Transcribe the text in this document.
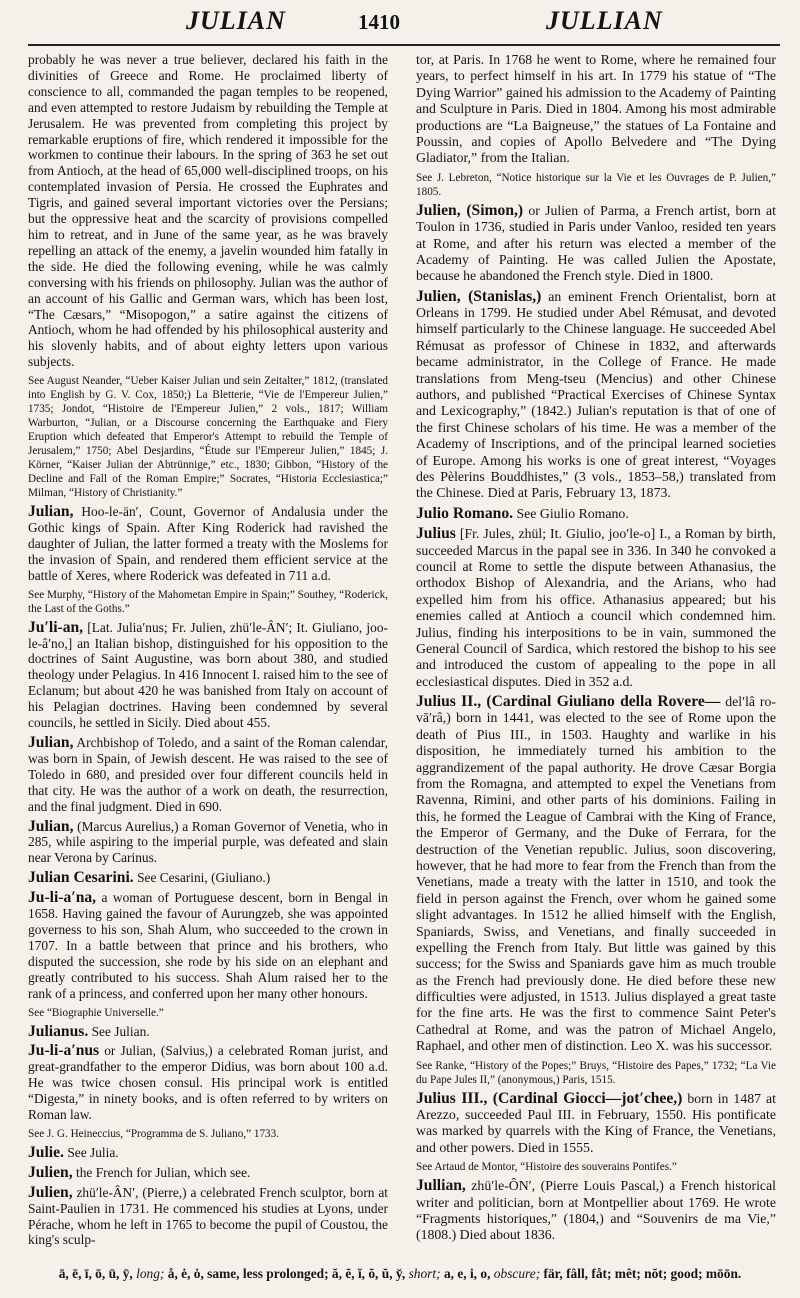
JULIAN	1410	JULLIAN

probably he was never a true believer, declared his faith in the divinities of Greece and Rome. He proclaimed liberty of conscience to all, commanded the pagan temples to be reopened, and even attempted to restore Judaism by rebuilding the Temple at Jerusalem. He was prevented from completing this project by remarkable eruptions of fire, which rendered it impossible for the workmen to continue their labours. In the spring of 363 he set out from Antioch, at the head of 65,000 well-disciplined troops, on his contemplated invasion of Persia. He crossed the Euphrates and Tigris, and gained several important victories over the Persians; but the oppressive heat and the scarcity of provisions compelled him to retreat, and in June of the same year, as he was bravely repelling an attack of the enemy, a javelin wounded him fatally in the side. He died the following evening, while he was calmly conversing with his friends on philosophy. Julian was the author of an account of his Gallic and German wars, which has been lost, “The Cæsars,” “Misopogon,” a satire against the citizens of Antioch, whom he had offended by his philosophical austerity and his slovenly habits, and of about eighty letters upon various subjects.

See August Neander, “Ueber Kaiser Julian und sein Zeitalter,” 1812, (translated into English by G. V. Cox, 1850;) La Bletterie, “Vie de l'Empereur Julien,” 1735; Jondot, “Histoire de l'Empereur Julien,” 2 vols., 1817; William Warburton, “Julian, or a Discourse concerning the Earthquake and Fiery Eruption which defeated that Emperor's Attempt to rebuild the Temple of Jerusalem,” 1750; Abel Desjardins, “Étude sur l'Empereur Julien,” 1845; J. Körner, “Kaiser Julian der Abtrünnige,” etc., 1830; Gibbon, “History of the Decline and Fall of the Roman Empire;” Socrates, “Historia Ecclesiastica;” Milman, “History of Christianity.”

Julian, Hoo-le-än′, Count, Governor of Andalusia under the Gothic kings of Spain. After King Roderick had ravished the daughter of Julian, the latter formed a treaty with the Moslems for the invasion of Spain, and rendered them efficient service at the battle of Xeres, where Roderick was defeated in 711 a.d.

See Murphy, “History of the Mahometan Empire in Spain;” Southey, “Roderick, the Last of the Goths.”

Ju′li-an, [Lat. Julia′nus; Fr. Julien, zhü′le-ÂN′; It. Giuliano, joo-le-â′no,] an Italian bishop, distinguished for his opposition to the doctrines of Saint Augustine, was born about 380, and studied theology under Pelagius. In 416 Innocent I. raised him to the see of Eclanum; but about 420 he was banished from Italy on account of his Pelagian doctrines. Having been condemned by several councils, he settled in Sicily. Died about 455.

Julian, Archbishop of Toledo, and a saint of the Roman calendar, was born in Spain, of Jewish descent. He was raised to the see of Toledo in 680, and presided over four different councils held in that city. He was the author of a work on death, the resurrection, and the final judgment. Died in 690.

Julian, (Marcus Aurelius,) a Roman Governor of Venetia, who in 285, while aspiring to the imperial purple, was defeated and slain near Verona by Carinus.

Julian Cesarini. See Cesarini, (Giuliano.)

Ju-li-a′na, a woman of Portuguese descent, born in Bengal in 1658. Having gained the favour of Aurungzeb, she was appointed governess to his son, Shah Alum, who succeeded to the crown in 1707. In a battle between that prince and his brothers, who disputed the succession, she rode by his side on an elephant and greatly contributed to his success. Shah Alum raised her to the rank of a princess, and conferred upon her many other honours.

See “Biographie Universelle.”

Julianus. See Julian.

Ju-li-a′nus or Julian, (Salvius,) a celebrated Roman jurist, and great-grandfather to the emperor Didius, was born about 100 a.d. He was twice chosen consul. His principal work is entitled “Digesta,” in ninety books, and is often referred to by writers on Roman law.

See J. G. Heineccius, “Programma de S. Juliano,” 1733.

Julie. See Julia.

Julien, the French for Julian, which see.

Julien, zhü′le-ÂN′, (Pierre,) a celebrated French sculptor, born at Saint-Paulien in 1731. He commenced his studies at Lyons, under Pérache, whom he left in 1765 to become the pupil of Coustou, the king's sculp-

tor, at Paris. In 1768 he went to Rome, where he remained four years, to perfect himself in his art. In 1779 his statue of “The Dying Warrior” gained his admission to the Academy of Painting and Sculpture in Paris. Died in 1804. Among his most admirable productions are “La Baigneuse,” the statues of La Fontaine and Poussin, and copies of Apollo Belvedere and “The Dying Gladiator,” from the Italian.

See J. Lebreton, “Notice historique sur la Vie et les Ouvrages de P. Julien,” 1805.

Julien, (Simon,) or Julien of Parma, a French artist, born at Toulon in 1736, studied in Paris under Vanloo, resided ten years at Rome, and after his return was elected a member of the Academy of Painting. He was called Julien the Apostate, because he abandoned the French style. Died in 1800.

Julien, (Stanislas,) an eminent French Orientalist, born at Orleans in 1799. He studied under Abel Rémusat, and devoted himself particularly to the Chinese language. He succeeded Abel Rémusat as professor of Chinese in 1832, and afterwards became administrator, in the College of France. He made translations from Meng-tseu (Mencius) and other Chinese authors, and published “Practical Exercises of Chinese Syntax and Lexicography,” (1842.) Julian's reputation is that of one of the first Chinese scholars of his time. He was a member of the Academy of Inscriptions, and of the principal learned societies of Europe. Among his works is one of great interest, “Voyages des Pèlerins Bouddhistes,” (3 vols., 1853–58,) translated from the Chinese. Died at Paris, February 13, 1873.

Julio Romano. See Giulio Romano.

Julius [Fr. Jules, zhül; It. Giulio, joo′le-o] I., a Roman by birth, succeeded Marcus in the papal see in 336. In 340 he convoked a council at Rome to settle the dispute between Athanasius, the orthodox Bishop of Alexandria, and the Arians, who had expelled him from his office. Athanasius appeared; but his enemies called at Antioch a council which condemned him. Julius, finding his interpositions to be in vain, summoned the General Council of Sardica, which restored the bishop to his see and introduced the custom of appealing to the pope in all ecclesiastical disputes. Died in 352 a.d.

Julius II., (Cardinal Giuliano della Rovere— del′lâ ro-vā′râ,) born in 1441, was elected to the see of Rome upon the death of Pius III., in 1503. Haughty and warlike in his disposition, he immediately turned his ambition to the aggrandizement of the papal authority. He drove Cæsar Borgia from the Romagna, and attempted to expel the Venetians from Ravenna, Rimini, and other parts of his dominions. Failing in this, he formed the League of Cambrai with the King of France, the Emperor of Germany, and the Duke of Ferrara, for the destruction of the Venetian republic. Julius, soon discovering, however, that he had more to fear from the French than from the Venetians, made a treaty with the latter in 1510, and took the field in person against the French, over whom he gained some slight advantages. In 1512 he allied himself with the English, Spaniards, Swiss, and Venetians, and finally succeeded in expelling the French from Italy. But little was gained by this success; for the Swiss and Spaniards gave him as much trouble as the French had previously done. He died before these new difficulties were adjusted, in 1513. Julius displayed a great taste for the fine arts. He was the first to commence Saint Peter's Cathedral at Rome, and was the patron of Michael Angelo, Raphael, and other men of distinction. Leo X. was his successor.

See Ranke, “History of the Popes;” Bruys, “Histoire des Papes,” 1732; “La Vie du Pape Jules II,” (anonymous,) Paris, 1515.

Julius III., (Cardinal Giocci—jot′chee,) born in 1487 at Arezzo, succeeded Paul III. in February, 1550. His pontificate was marked by quarrels with the King of France, the Venetians, and other powers. Died in 1555.

See Artaud de Montor, “Histoire des souverains Pontifes.”

Jullian, zhü′le-ÔN′, (Pierre Louis Pascal,) a French historical writer and politician, born at Montpellier about 1769. He wrote “Fragments historiques,” (1804,) and “Souvenirs de ma Vie,” (1808.) Died about 1836.

ā, ē, ī, ō, ū, ȳ, long; å, ė, ȯ, same, less prolonged; ă, ĕ, ĭ, ŏ, ŭ, y̆, short; a, e, i, o, obscure; fär, fâll, fåt; mêt; nŏt; good; mōōn.
